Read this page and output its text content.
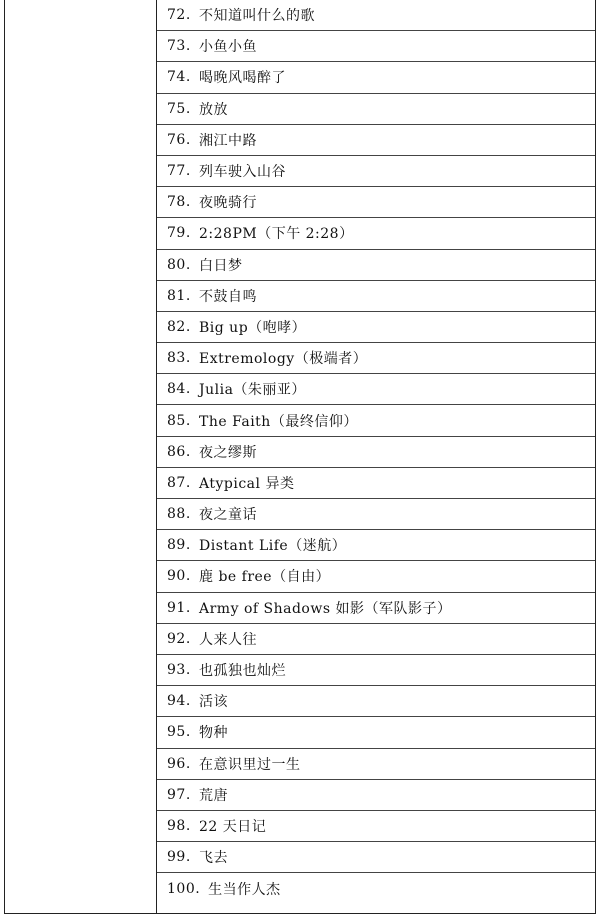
72. 不知道叫什么的歌
73. 小鱼小鱼
74. 喝晚风喝醉了
75. 放放
76. 湘江中路
77. 列车驶入山谷
78. 夜晚骑行
79. 2:28PM（下午 2:28）
80. 白日梦
81. 不鼓自鸣
82. Big up（咆哮）
83. Extremology（极端者）
84. Julia（朱丽亚）
85. The Faith（最终信仰）
86. 夜之缪斯
87. Atypical 异类
88. 夜之童话
89. Distant Life（迷航）
90. 鹿 be free（自由）
91. Army of Shadows 如影（军队影子）
92. 人来人往
93. 也孤独也灿烂
94. 活该
95. 物种
96. 在意识里过一生
97. 荒唐
98. 22 天日记
99. 飞去
100. 生当作人杰
